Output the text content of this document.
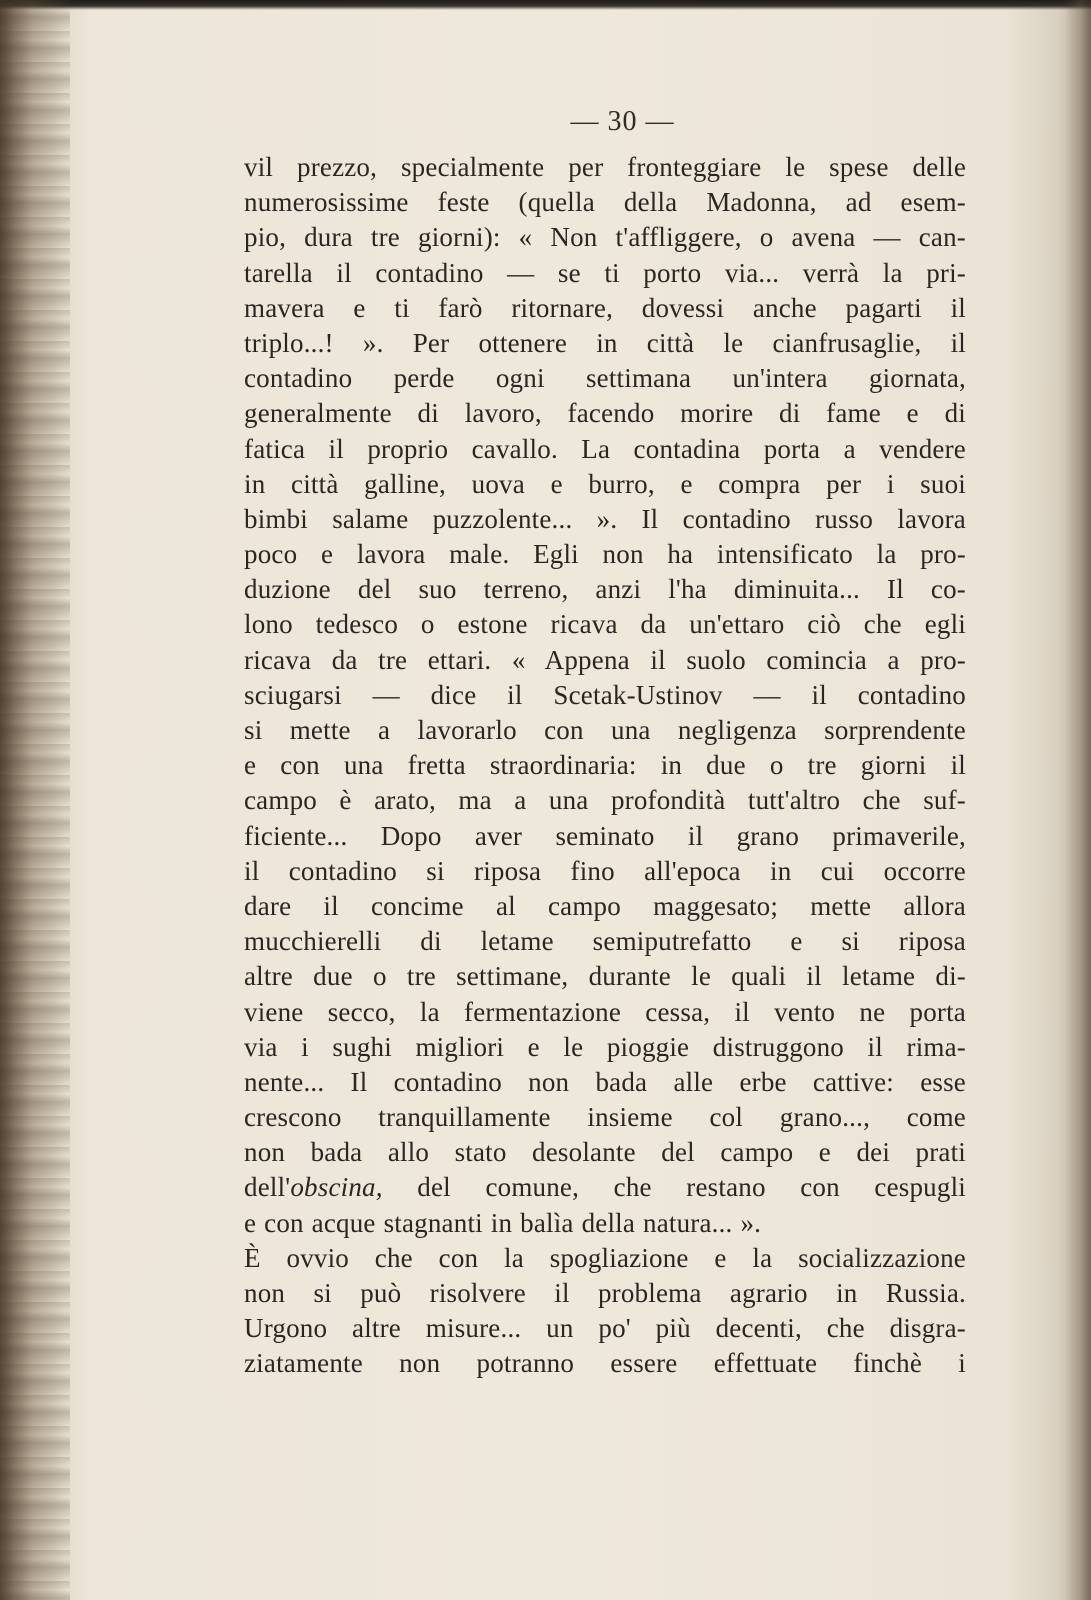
— 30 —
vil prezzo, specialmente per fronteggiare le spese delle
numerosissime feste (quella della Madonna, ad esem-
pio, dura tre giorni): « Non t'affliggere, o avena — can-
tarella il contadino — se ti porto via... verrà la pri-
mavera e ti farò ritornare, dovessi anche pagarti il
triplo...! ». Per ottenere in città le cianfrusaglie, il
contadino perde ogni settimana un'intera giornata,
generalmente di lavoro, facendo morire di fame e di
fatica il proprio cavallo. La contadina porta a vendere
in città galline, uova e burro, e compra per i suoi
bimbi salame puzzolente... ». Il contadino russo lavora
poco e lavora male. Egli non ha intensificato la pro-
duzione del suo terreno, anzi l'ha diminuita... Il co-
lono tedesco o estone ricava da un'ettaro ciò che egli
ricava da tre ettari. « Appena il suolo comincia a pro-
sciugarsi — dice il Scetak-Ustinov — il contadino
si mette a lavorarlo con una negligenza sorprendente
e con una fretta straordinaria: in due o tre giorni il
campo è arato, ma a una profondità tutt'altro che suf-
ficiente... Dopo aver seminato il grano primaverile,
il contadino si riposa fino all'epoca in cui occorre
dare il concime al campo maggesato; mette allora
mucchierelli di letame semiputrefatto e si riposa
altre due o tre settimane, durante le quali il letame di-
viene secco, la fermentazione cessa, il vento ne porta
via i sughi migliori e le pioggie distruggono il rima-
nente... Il contadino non bada alle erbe cattive: esse
crescono tranquillamente insieme col grano..., come
non bada allo stato desolante del campo e dei prati
dell'obscina, del comune, che restano con cespugli
e con acque stagnanti in balìa della natura... ».
È ovvio che con la spogliazione e la socializzazione
non si può risolvere il problema agrario in Russia.
Urgono altre misure... un po' più decenti, che disgra-
ziatamente non potranno essere effettuate finchè i
